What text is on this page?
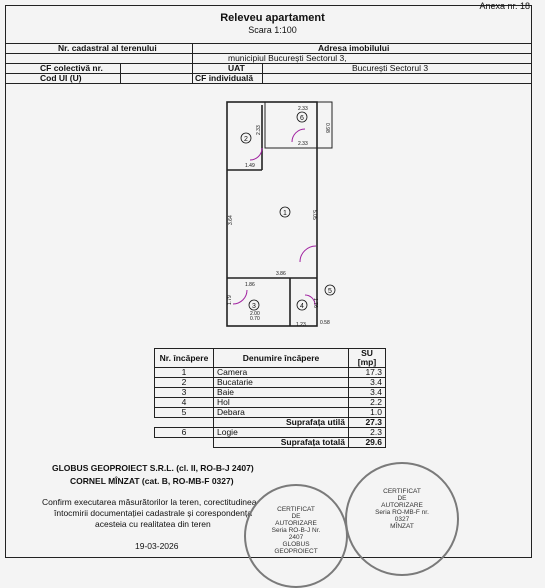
Anexa nr. 18
Releveu apartament
Scara 1:100
Nr. cadastral al terenului	Adresa imobilului
municipiul București Sectorul 3,
CF colectivă nr.	UAT	București Sectorul 3
Cod UI (U)	CF individuală
2.33
0.98
2.33
2.33
1.49
3.64
5.05
3.86
1.86
1.79
2.00
0.70
1.23	0.58
1.76
1
2
3	4
5
6
Nr. încăpere	Denumire încăpere	SU [mp]
1	Camera	17.3
2	Bucatarie	3.4
3	Baie	3.4
4	Hol	2.2
5	Debara	1.0
	Suprafața utilă	27.3
6	Logie	2.3
	Suprafața totală	29.6
GLOBUS GEOPROIECT S.R.L. (cl. II, RO-B-J 2407)
CORNEL MÎNZAT (cat. B, RO-MB-F 0327)
Confirm executarea măsurătorilor la teren, corectitudinea
întocmirii documentației cadastrale și corespondența
acesteia cu realitatea din teren
19-03-2026
CERTIFICAT
DE
AUTORIZARE
Seria RO-B-J Nr. 2407
GLOBUS
GEOPROIECT
CERTIFICAT
DE
AUTORIZARE
Seria RO-MB-F nr. 0327
MÎNZAT
